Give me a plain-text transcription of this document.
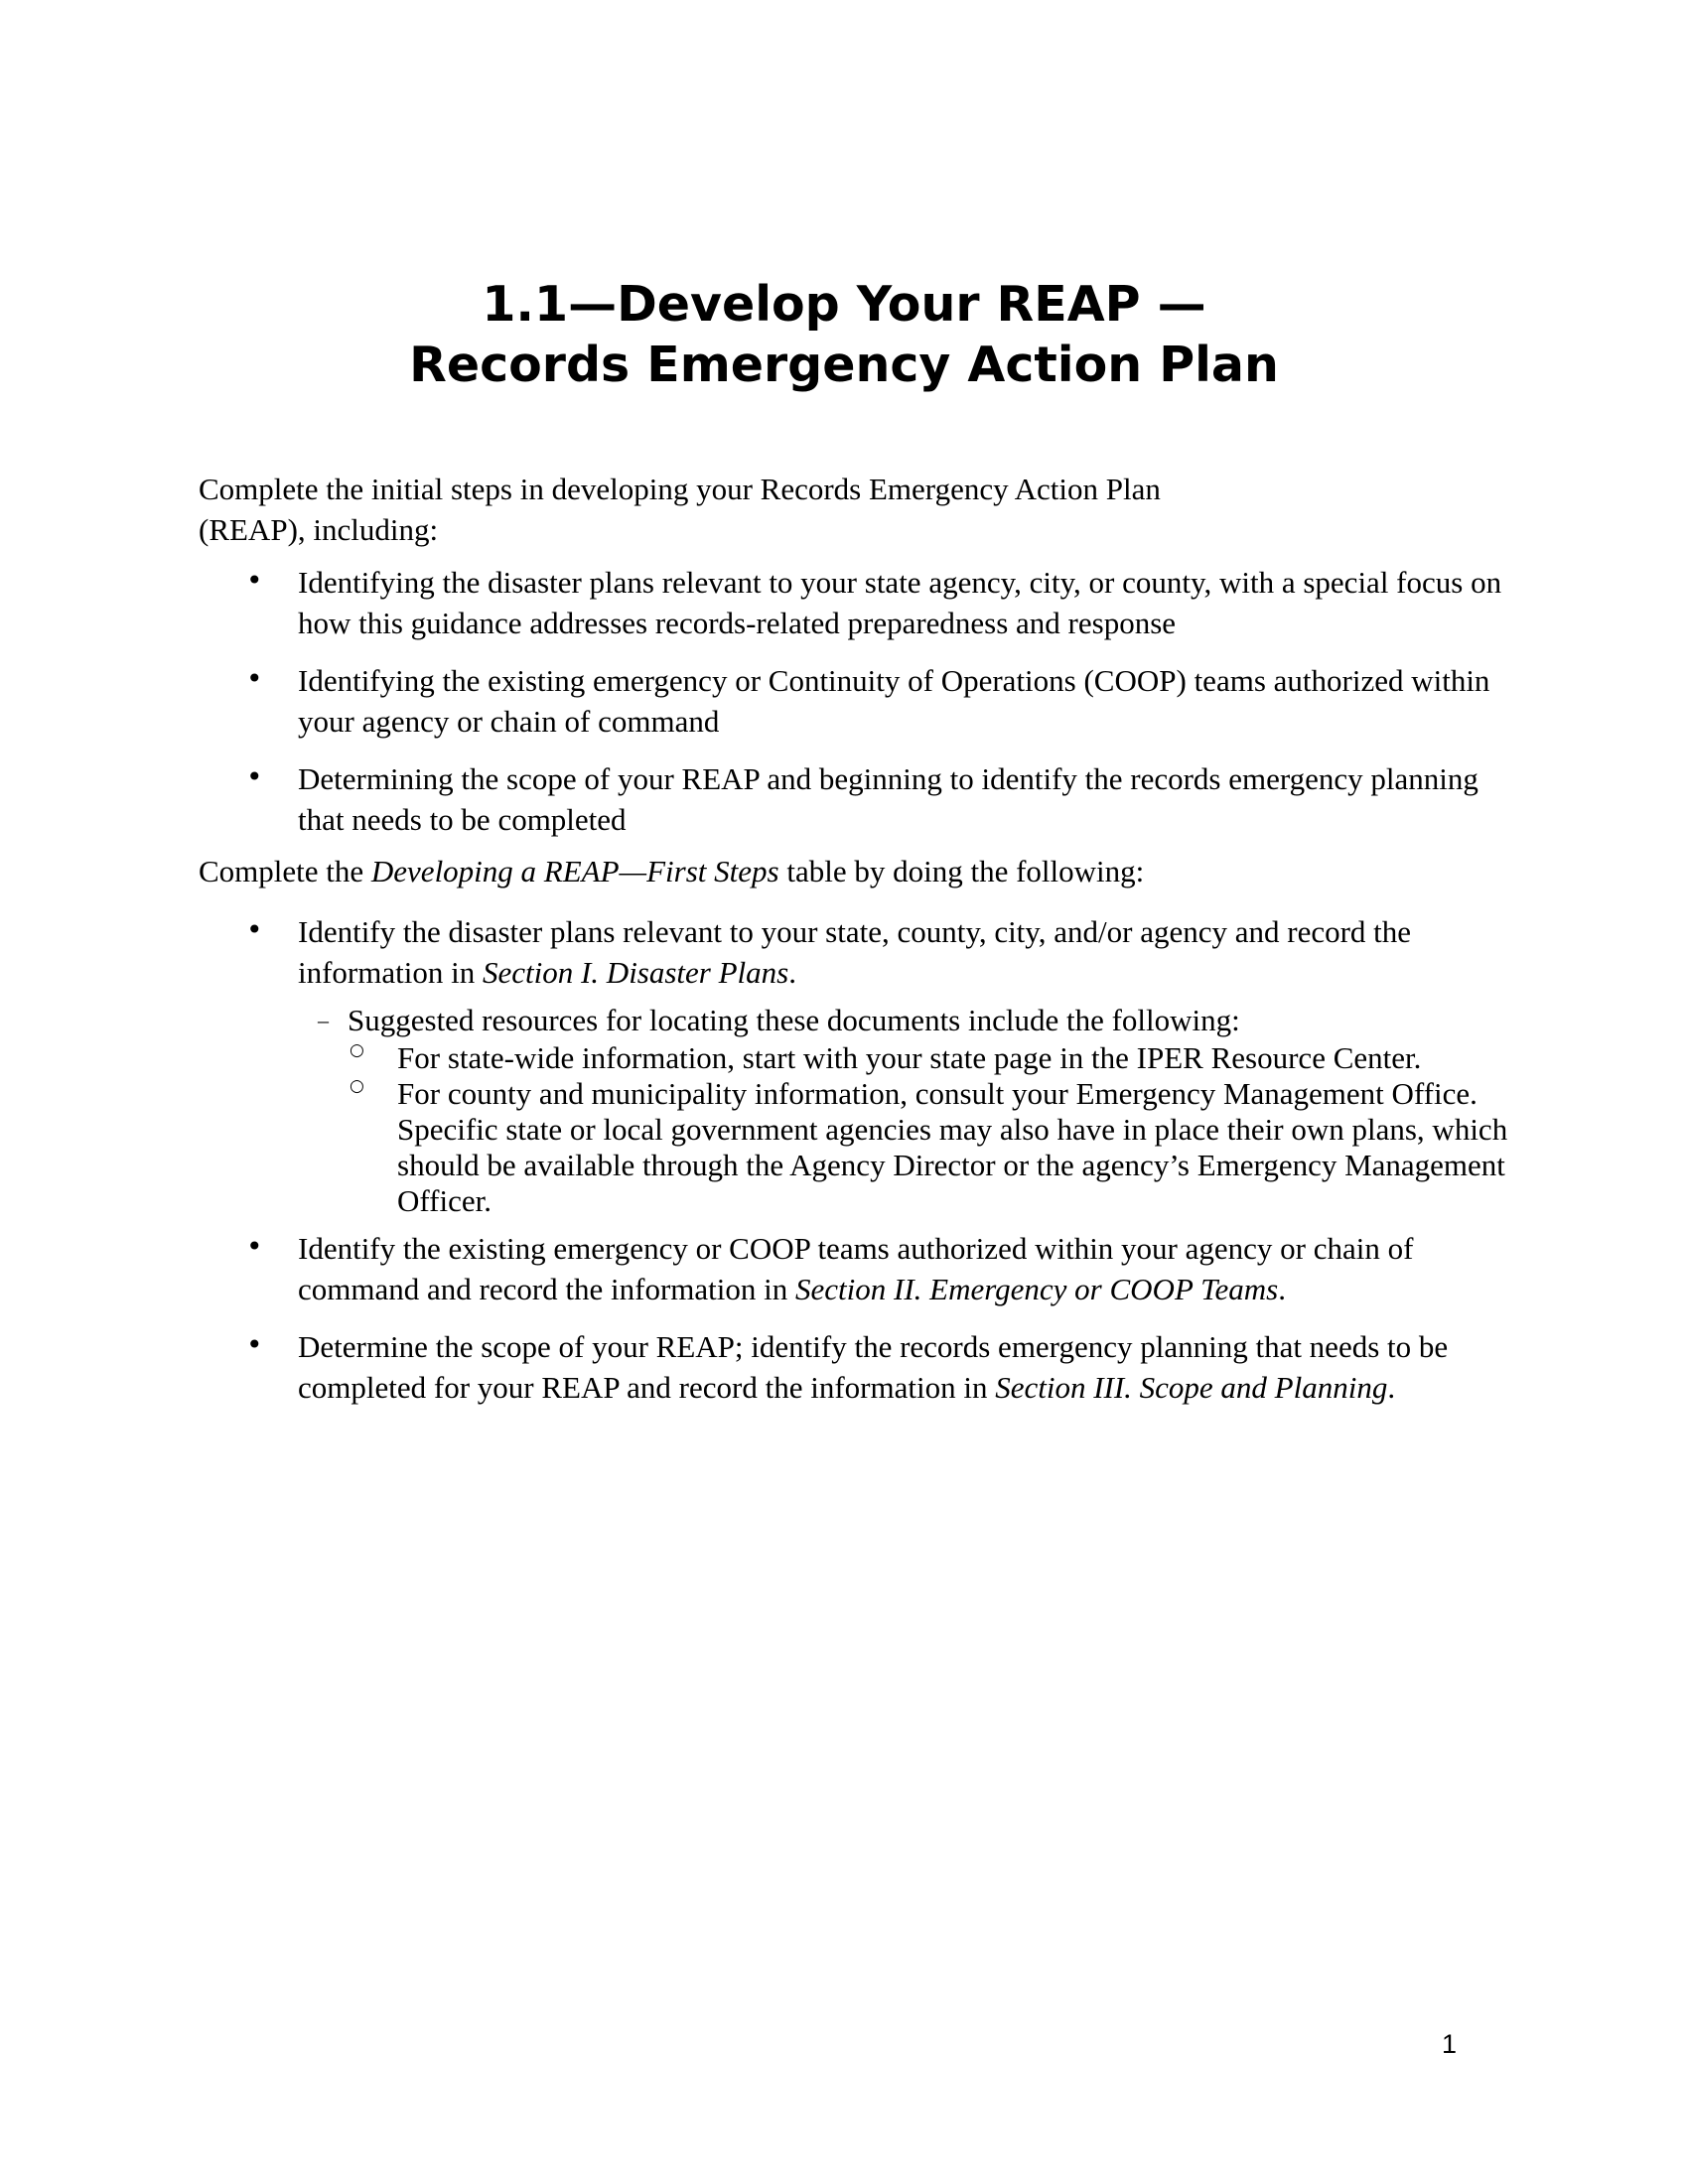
1.1—Develop Your REAP —
Records Emergency Action Plan

Complete the initial steps in developing your Records Emergency Action Plan
(REAP), including:

• Identifying the disaster plans relevant to your state agency, city, or county, with a special focus on how this guidance addresses records-related preparedness and response
• Identifying the existing emergency or Continuity of Operations (COOP) teams authorized within your agency or chain of command
• Determining the scope of your REAP and beginning to identify the records emergency planning that needs to be completed

Complete the Developing a REAP—First Steps table by doing the following:

• Identify the disaster plans relevant to your state, county, city, and/or agency and record the information in Section I. Disaster Plans.
– Suggested resources for locating these documents include the following:
○ For state-wide information, start with your state page in the IPER Resource Center.
○ For county and municipality information, consult your Emergency Management Office. Specific state or local government agencies may also have in place their own plans, which should be available through the Agency Director or the agency’s Emergency Management Officer.
• Identify the existing emergency or COOP teams authorized within your agency or chain of command and record the information in Section II. Emergency or COOP Teams.
• Determine the scope of your REAP; identify the records emergency planning that needs to be completed for your REAP and record the information in Section III. Scope and Planning.
1
